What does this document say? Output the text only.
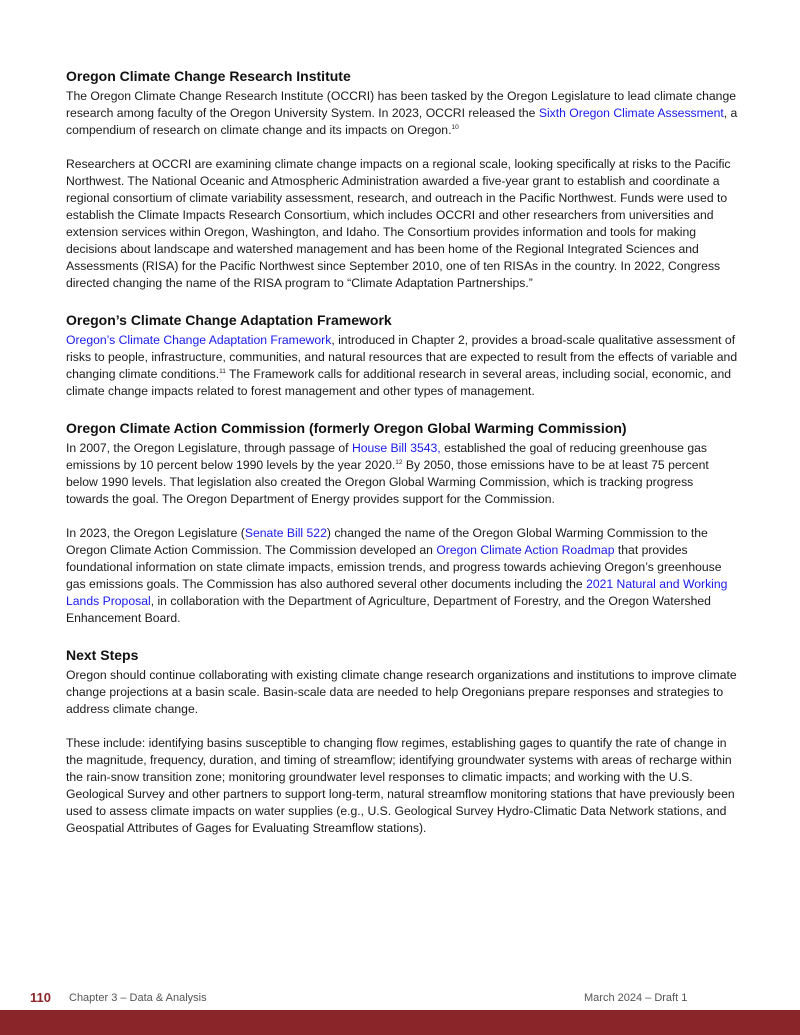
Oregon Climate Change Research Institute

The Oregon Climate Change Research Institute (OCCRI) has been tasked by the Oregon Legislature to lead climate change research among faculty of the Oregon University System. In 2023, OCCRI released the Sixth Oregon Climate Assessment, a compendium of research on climate change and its impacts on Oregon.$^{10}$

Researchers at OCCRI are examining climate change impacts on a regional scale, looking specifically at risks to the Pacific Northwest. The National Oceanic and Atmospheric Administration awarded a five-year grant to establish and coordinate a regional consortium of climate variability assessment, research, and outreach in the Pacific Northwest. Funds were used to establish the Climate Impacts Research Consortium, which includes OCCRI and other researchers from universities and extension services within Oregon, Washington, and Idaho. The Consortium provides information and tools for making decisions about landscape and watershed management and has been home of the Regional Integrated Sciences and Assessments (RISA) for the Pacific Northwest since September 2010, one of ten RISAs in the country. In 2022, Congress directed changing the name of the RISA program to “Climate Adaptation Partnerships.”

Oregon’s Climate Change Adaptation Framework

Oregon’s Climate Change Adaptation Framework, introduced in Chapter 2, provides a broad-scale qualitative assessment of risks to people, infrastructure, communities, and natural resources that are expected to result from the effects of variable and changing climate conditions.$^{11}$ The Framework calls for additional research in several areas, including social, economic, and climate change impacts related to forest management and other types of management.

Oregon Climate Action Commission (formerly Oregon Global Warming Commission)

In 2007, the Oregon Legislature, through passage of House Bill 3543, established the goal of reducing greenhouse gas emissions by 10 percent below 1990 levels by the year 2020.12 By 2050, those emissions have to be at least 75 percent below 1990 levels. That legislation also created the Oregon Global Warming Commission, which is tracking progress towards the goal. The Oregon Department of Energy provides support for the Commission.

In 2023, the Oregon Legislature (Senate Bill 522) changed the name of the Oregon Global Warming Commission to the Oregon Climate Action Commission. The Commission developed an Oregon Climate Action Roadmap that provides foundational information on state climate impacts, emission trends, and progress towards achieving Oregon’s greenhouse gas emissions goals. The Commission has also authored several other documents including the 2021 Natural and Working Lands Proposal, in collaboration with the Department of Agriculture, Department of Forestry, and the Oregon Watershed Enhancement Board.

Next Steps

Oregon should continue collaborating with existing climate change research organizations and institutions to improve climate change projections at a basin scale. Basin-scale data are needed to help Oregonians prepare responses and strategies to address climate change.

These include: identifying basins susceptible to changing flow regimes, establishing gages to quantify the rate of change in the magnitude, frequency, duration, and timing of streamflow; identifying groundwater systems with areas of recharge within the rain-snow transition zone; monitoring groundwater level responses to climatic impacts; and working with the U.S. Geological Survey and other partners to support long-term, natural streamflow monitoring stations that have previously been used to assess climate impacts on water supplies (e.g., U.S. Geological Survey Hydro-Climatic Data Network stations, and Geospatial Attributes of Gages for Evaluating Streamflow stations).

110 Chapter 3 – Data & Analysis	March 2024 – Draft 1
